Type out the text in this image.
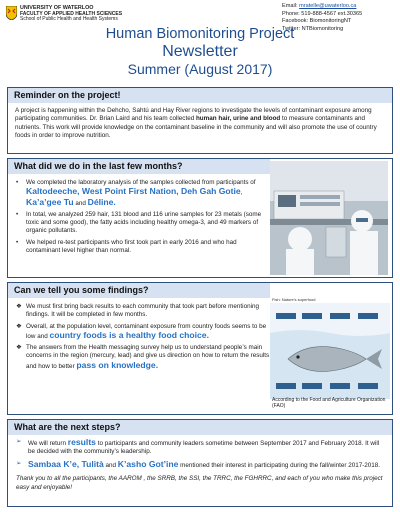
UNIVERSITY OF WATERLOO
FACULTY OF APPLIED HEALTH SCIENCES
School of Public Health and Health Systems
Email: mratelle@uwaterloo.ca
Phone: 519-888-4567 ext.30365
Facebook: BiomonitoringNT
Twitter: NTBiomonitoring
Human Biomonitoring Project
Newsletter
Summer (August 2017)
Reminder on the project!
A project is happening within the Dehcho, Sahtú and Hay River regions to investigate the levels of contaminant exposure among participating communities. Dr. Brian Laird and his team collected human hair, urine and blood to measure contaminants and nutrients. This work will provide knowledge on the contaminant baseline in the community and will also promote the use of country foods in order to improve nutrition.
What did we do in the last few months?
• We completed the laboratory analysis of the samples collected from participants of Kaltodeeche, West Point First Nation, Deh Gah Gotie, Ka’a’gee Tu and Déline.
• In total, we analyzed 259 hair, 131 blood and 116 urine samples for 23 metals (some toxic and some good), the fatty acids including healthy omega-3, and 49 markers of organic pollutants.
• We helped re-test participants who first took part in early 2016 and who had contaminant level higher than normal.
Can we tell you some findings?
❖ We must first bring back results to each community that took part before mentioning findings. It will be completed in few months.
❖ Overall, at the population level, contaminant exposure from country foods seems to be low and country foods is a healthy food choice.
❖ The answers from the Health messaging survey help us to understand people’s main concerns in the region (mercury, lead) and give us direction on how to return the results and how to better pass on knowledge.
Fish: Nature's superfood
According to the Food and Agriculture Organization (FAO)
What are the next steps?
➢ We will return results to participants and community leaders sometime between September 2017 and February 2018. It will be decided with the community’s leadership.
➢ Sambaa K’e, Tulità and K’asho Got’ine mentioned their interest in participating during the fall/winter 2017-2018.
Thank you to all the participants, the AAROM , the SRRB, the SSI, the TRRC, the FGHRRC, and each of you who make this project easy and enjoyable!
